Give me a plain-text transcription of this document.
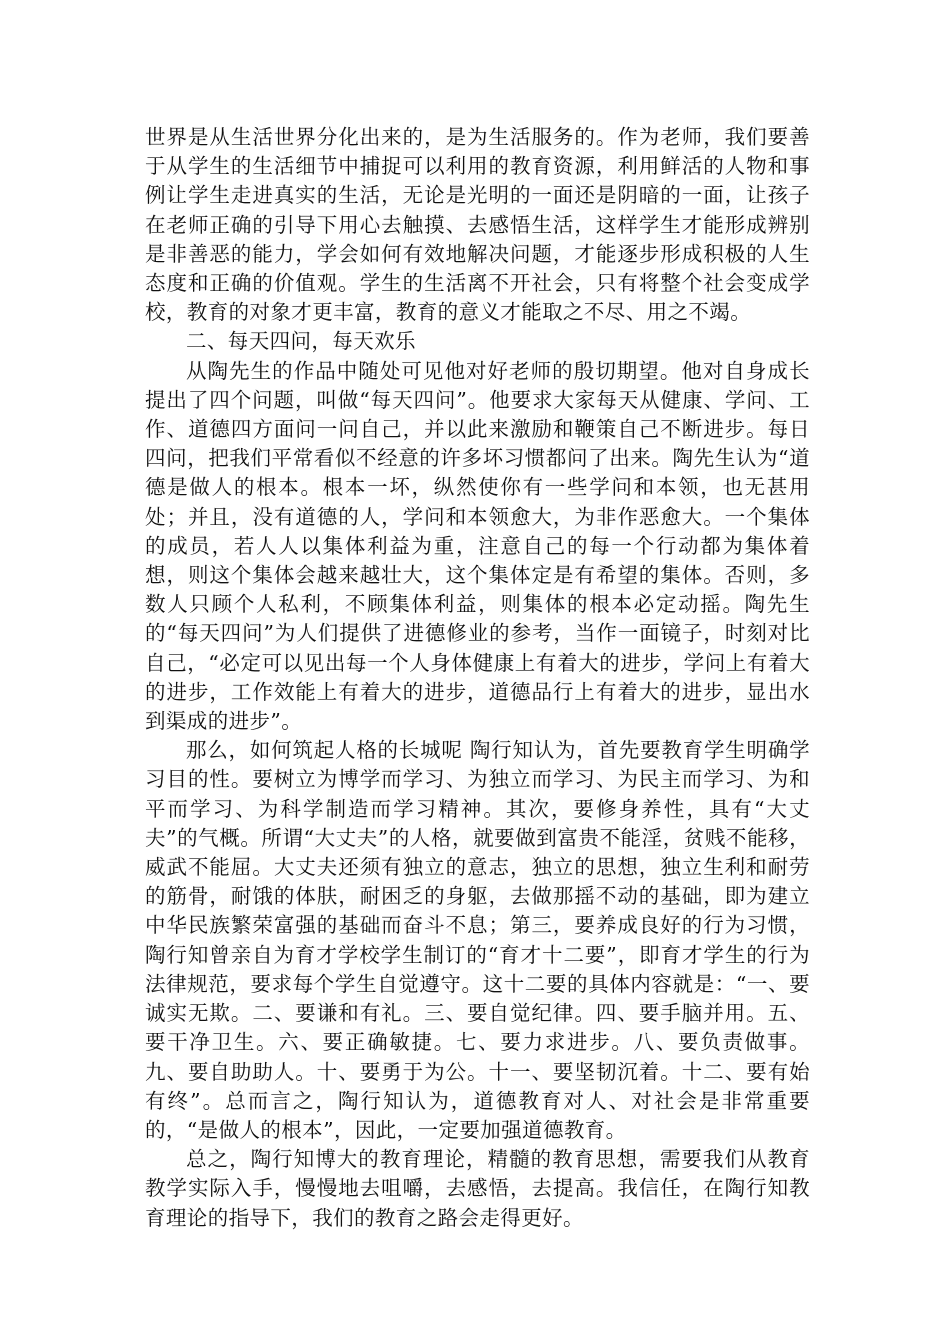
世界是从生活世界分化出来的，是为生活服务的。作为老师，我们要善于从学生的生活细节中捕捉可以利用的教育资源，利用鲜活的人物和事例让学生走进真实的生活，无论是光明的一面还是阴暗的一面，让孩子在老师正确的引导下用心去触摸、去感悟生活，这样学生才能形成辨别是非善恶的能力，学会如何有效地解决问题，才能逐步形成积极的人生态度和正确的价值观。学生的生活离不开社会，只有将整个社会变成学校，教育的对象才更丰富，教育的意义才能取之不尽、用之不竭。

二、每天四问，每天欢乐

从陶先生的作品中随处可见他对好老师的殷切期望。他对自身成长提出了四个问题，叫做“每天四问”。他要求大家每天从健康、学问、工作、道德四方面问一问自己，并以此来激励和鞭策自己不断进步。每日四问，把我们平常看似不经意的许多坏习惯都问了出来。陶先生认为“道德是做人的根本。根本一坏，纵然使你有一些学问和本领，也无甚用处；并且，没有道德的人，学问和本领愈大，为非作恶愈大。一个集体的成员，若人人以集体利益为重，注意自己的每一个行动都为集体着想，则这个集体会越来越壮大，这个集体定是有希望的集体。否则，多数人只顾个人私利，不顾集体利益，则集体的根本必定动摇。陶先生的“每天四问”为人们提供了进德修业的参考，当作一面镜子，时刻对比自己，“必定可以见出每一个人身体健康上有着大的进步，学问上有着大的进步，工作效能上有着大的进步，道德品行上有着大的进步，显出水到渠成的进步”。

那么，如何筑起人格的长城呢 陶行知认为，首先要教育学生明确学习目的性。要树立为博学而学习、为独立而学习、为民主而学习、为和平而学习、为科学制造而学习精神。其次，要修身养性，具有“大丈夫”的气概。所谓“大丈夫”的人格，就要做到富贵不能淫，贫贱不能移，威武不能屈。大丈夫还须有独立的意志，独立的思想，独立生利和耐劳的筋骨，耐饿的体肤，耐困乏的身躯，去做那摇不动的基础，即为建立中华民族繁荣富强的基础而奋斗不息；第三，要养成良好的行为习惯，陶行知曾亲自为育才学校学生制订的“育才十二要”，即育才学生的行为法律规范，要求每个学生自觉遵守。这十二要的具体内容就是：“一、要诚实无欺。二、要谦和有礼。三、要自觉纪律。四、要手脑并用。五、要干净卫生。六、要正确敏捷。七、要力求进步。八、要负责做事。九、要自助助人。十、要勇于为公。十一、要坚韧沉着。十二、要有始有终”。总而言之，陶行知认为，道德教育对人、对社会是非常重要的，“是做人的根本”，因此，一定要加强道德教育。

总之，陶行知博大的教育理论，精髓的教育思想，需要我们从教育教学实际入手，慢慢地去咀嚼，去感悟，去提高。我信任，在陶行知教育理论的指导下，我们的教育之路会走得更好。
